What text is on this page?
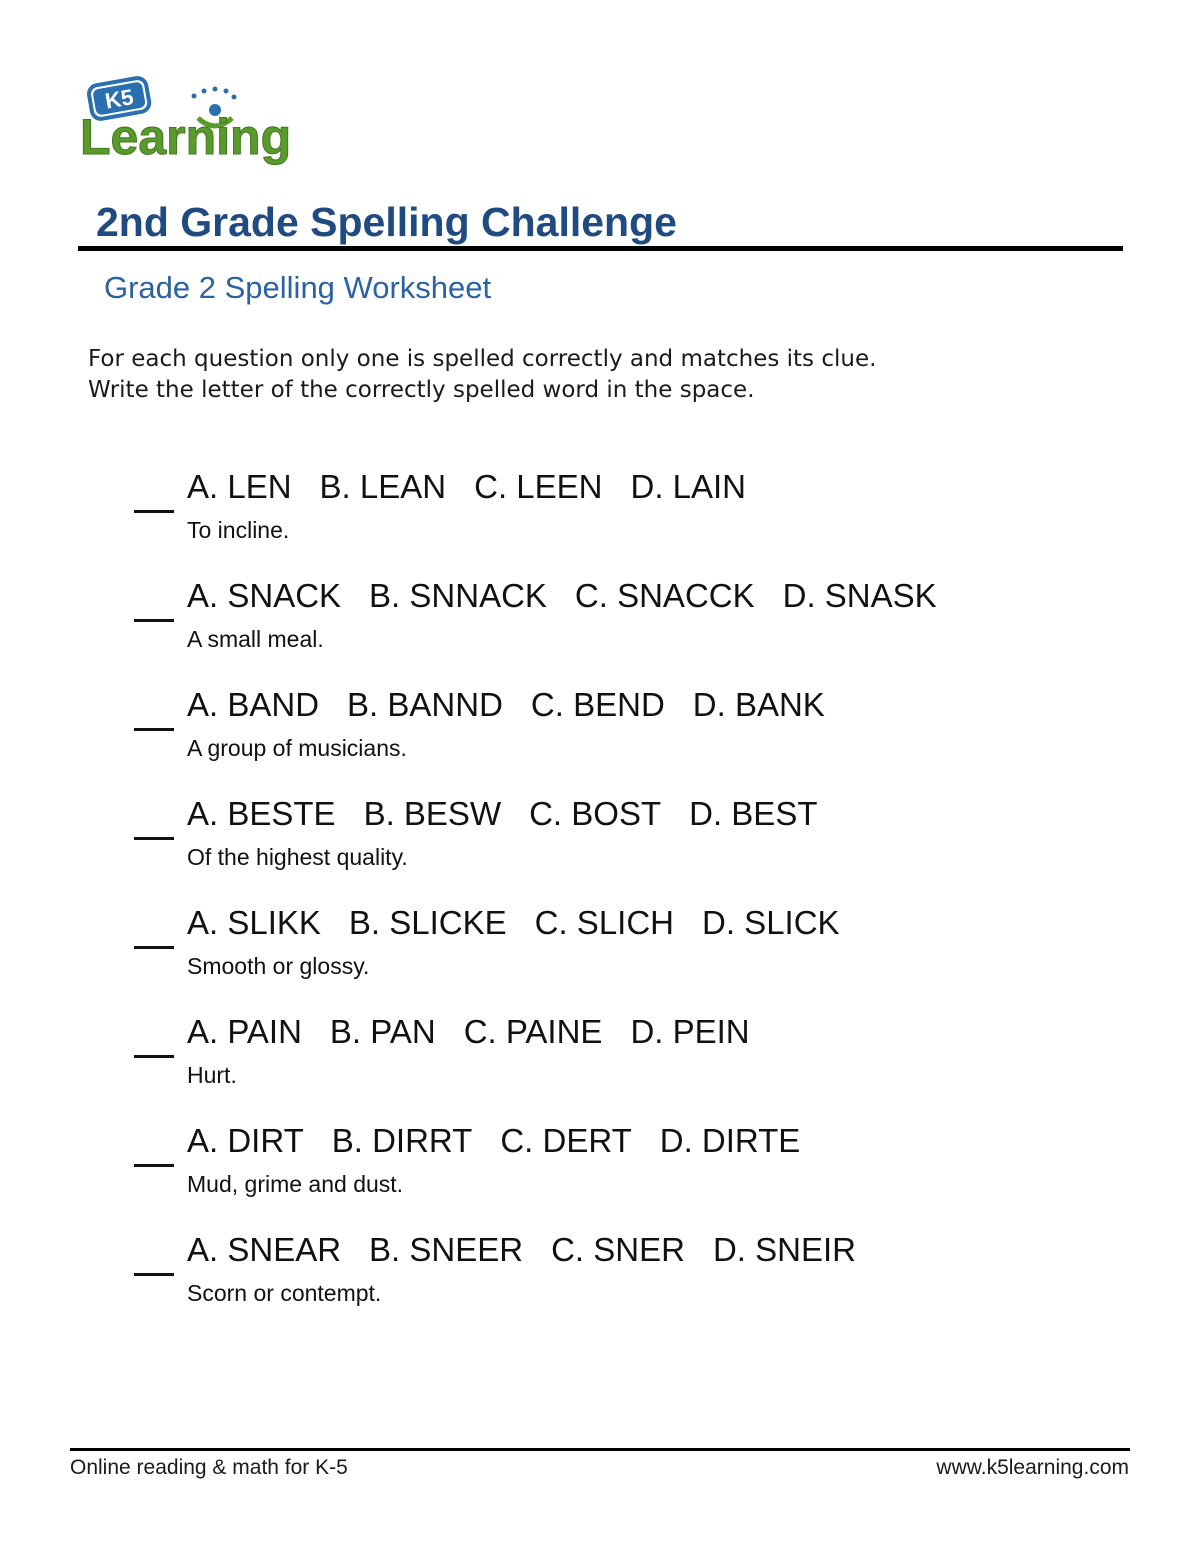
K5
Learning
2nd Grade Spelling Challenge
Grade 2 Spelling Worksheet
For each question only one is spelled correctly and matches its clue.
Write the letter of the correctly spelled word in the space.
A. LEN B. LEAN C. LEEN D. LAIN
To incline.
A. SNACK B. SNNACK C. SNACCK D. SNASK
A small meal.
A. BAND B. BANND C. BEND D. BANK
A group of musicians.
A. BESTE B. BESW C. BOST D. BEST
Of the highest quality.
A. SLIKK B. SLICKE C. SLICH D. SLICK
Smooth or glossy.
A. PAIN B. PAN C. PAINE D. PEIN
Hurt.
A. DIRT B. DIRRT C. DERT D. DIRTE
Mud, grime and dust.
A. SNEAR B. SNEER C. SNER D. SNEIR
Scorn or contempt.
Online reading & math for K-5	www.k5learning.com
